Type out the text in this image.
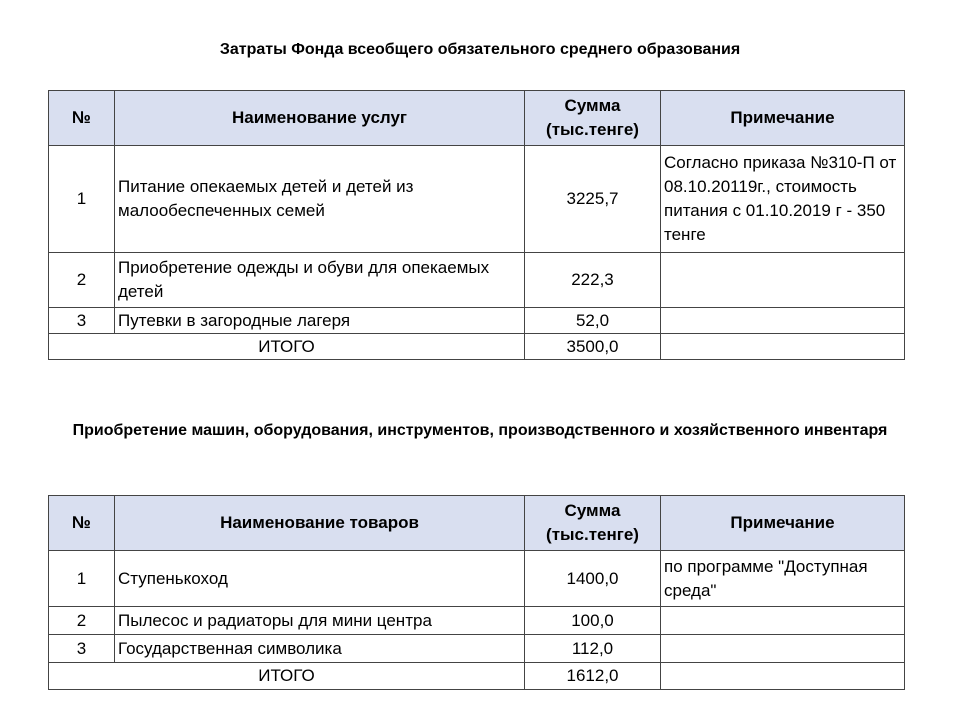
Затраты Фонда всеобщего обязательного среднего образования
№	Наименование услуг	Сумма (тыс.тенге)	Примечание
1	Питание опекаемых детей и детей из малообеспеченных семей	3225,7	Согласно приказа №310-П от 08.10.20119г., стоимость питания с 01.10.2019 г - 350 тенге
2	Приобретение одежды и обуви для опекаемых детей	222,3	
3	Путевки в загородные лагеря	52,0	
ИТОГО		3500,0	
Приобретение машин, оборудования, инструментов, производственного и хозяйственного инвентаря
№	Наименование товаров	Сумма (тыс.тенге)	Примечание
1	Ступенькоход	1400,0	по программе "Доступная среда"
2	Пылесос и радиаторы для мини центра	100,0	
3	Государственная символика	112,0	
ИТОГО		1612,0	
